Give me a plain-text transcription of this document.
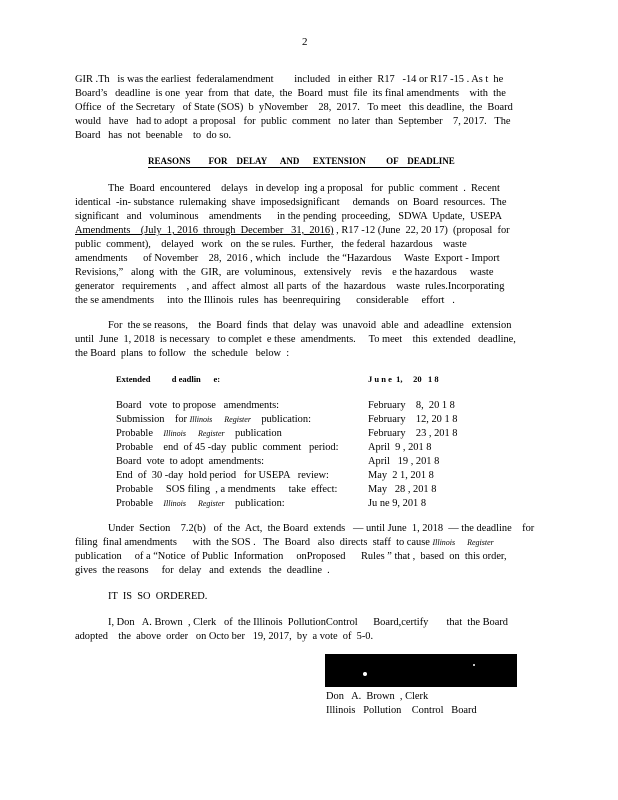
2
GIR .Th   is was the earliest  federalamendment        included   in either  R17   -14 or R17 -15 . As t  he
Board’s   deadline  is one  year  from  that  date,  the  Board  must  file  its final amendments    with  the
Office  of  the Secretary   of State (SOS)  b  yNovember    28,  2017.   To meet   this deadline,  the  Board
would   have   had to adopt  a proposal   for  public  comment   no later  than  September    7, 2017.   The
Board   has  not  beenable    to  do so.
REASONS        FOR    DELAY      AND      EXTENSION         OF    DEADLINE
The  Board  encountered    delays   in develop  ing a proposal   for  public  comment  .  Recent
identical  -in- substance  rulemaking  shave  imposedsignificant     demands   on  Board  resources.  The
significant   and   voluminous    amendments      in the pending  proceeding,   SDWA  Update,  USEPA
Amendments    (July  1, 2016  through  December   31,  2016) , R17 -12 (June  22, 20 17)  (proposal  for
public  comment),    delayed   work   on  the se rules.  Further,   the federal  hazardous    waste
amendments      of November    28,  2016 , which   include   the “Hazardous     Waste  Export - Import
Revisions,”   along  with  the  GIR,  are  voluminous,   extensively    revis    e the hazardous     waste
generator   requirements    , and  affect  almost  all parts  of  the  hazardous    waste  rules.Incorporating
the se amendments     into  the Illinois  rules  has  beenrequiring      considerable     effort   .
For  the se reasons,    the  Board  finds  that  delay  was  unavoid  able  and  adeadline   extension
until  June  1, 2018  is necessary   to complet  e these  amendments.     To meet    this  extended   deadline,
the Board  plans  to follow   the  schedule   below  :
Extended          d eadlin      e:	J u n e  1,     20   1 8
Board   vote  to propose   amendments:	February    8,  20 1 8
Submission    for Illinois      Register    publication:	February    12, 20 1 8
Probable    Illinois      Register    publication	February    23 , 201 8
Probable    end  of 45 -day  public  comment   period:	April  9 , 201 8
Board  vote  to adopt  amendments:	April   19 , 201 8
End  of  30 -day  hold period   for USEPA   review:	May  2 1, 201 8
Probable     SOS filing  , a mendments     take  effect:	May   28 , 201 8
Probable    Illinois      Register    publication:	Ju ne 9, 201 8
Under  Section    7.2(b)   of  the  Act,  the Board  extends   — until June  1, 2018  — the deadline    for
filing  final amendments      with  the SOS .   The  Board   also  directs  staff  to cause Illinois      Register
publication     of a “Notice  of Public  Information     onProposed      Rules ” that ,  based  on  this order,
gives  the reasons     for  delay   and  extends   the  deadline  .
IT  IS  SO  ORDERED.
I, Don   A. Brown  , Clerk   of  the Illinois  PollutionControl      Board,certify       that  the Board
adopted    the  above  order   on Octo ber   19, 2017,  by  a vote  of  5-0.
Don   A.  Brown  , Clerk
Illinois   Pollution    Control   Board
